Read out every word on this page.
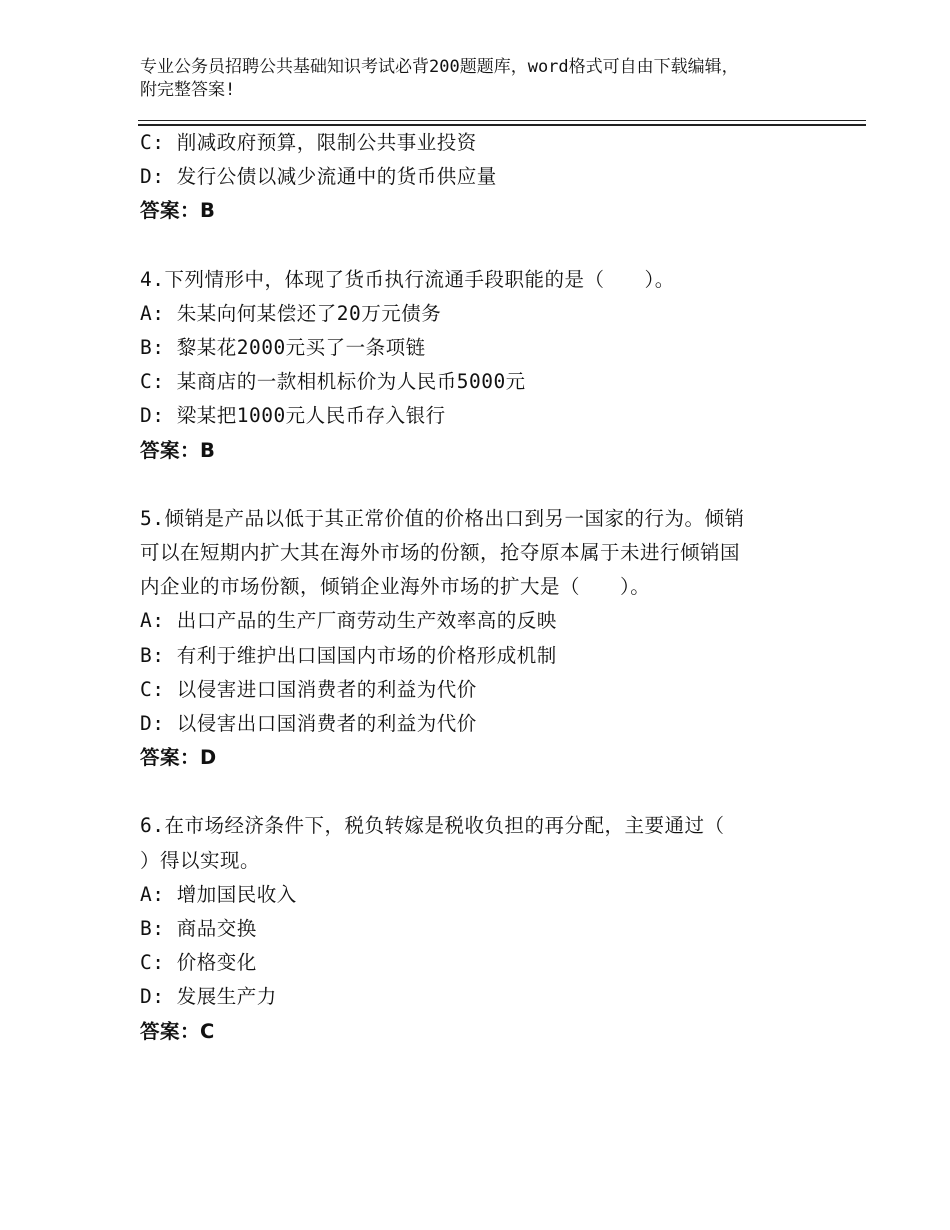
专业公务员招聘公共基础知识考试必背200题题库，word格式可自由下载编辑，
附完整答案!
C: 削减政府预算，限制公共事业投资
D: 发行公债以减少流通中的货币供应量
答案：B
4.下列情形中，体现了货币执行流通手段职能的是（　　）。
A: 朱某向何某偿还了20万元债务
B: 黎某花2000元买了一条项链
C: 某商店的一款相机标价为人民币5000元
D: 梁某把1000元人民币存入银行
答案：B
5.倾销是产品以低于其正常价值的价格出口到另一国家的行为。倾销
可以在短期内扩大其在海外市场的份额，抢夺原本属于未进行倾销国
内企业的市场份额，倾销企业海外市场的扩大是（　　）。
A: 出口产品的生产厂商劳动生产效率高的反映
B: 有利于维护出口国国内市场的价格形成机制
C: 以侵害进口国消费者的利益为代价
D: 以侵害出口国消费者的利益为代价
答案：D
6.在市场经济条件下，税负转嫁是税收负担的再分配，主要通过（
）得以实现。
A: 增加国民收入
B: 商品交换
C: 价格变化
D: 发展生产力
答案：C
